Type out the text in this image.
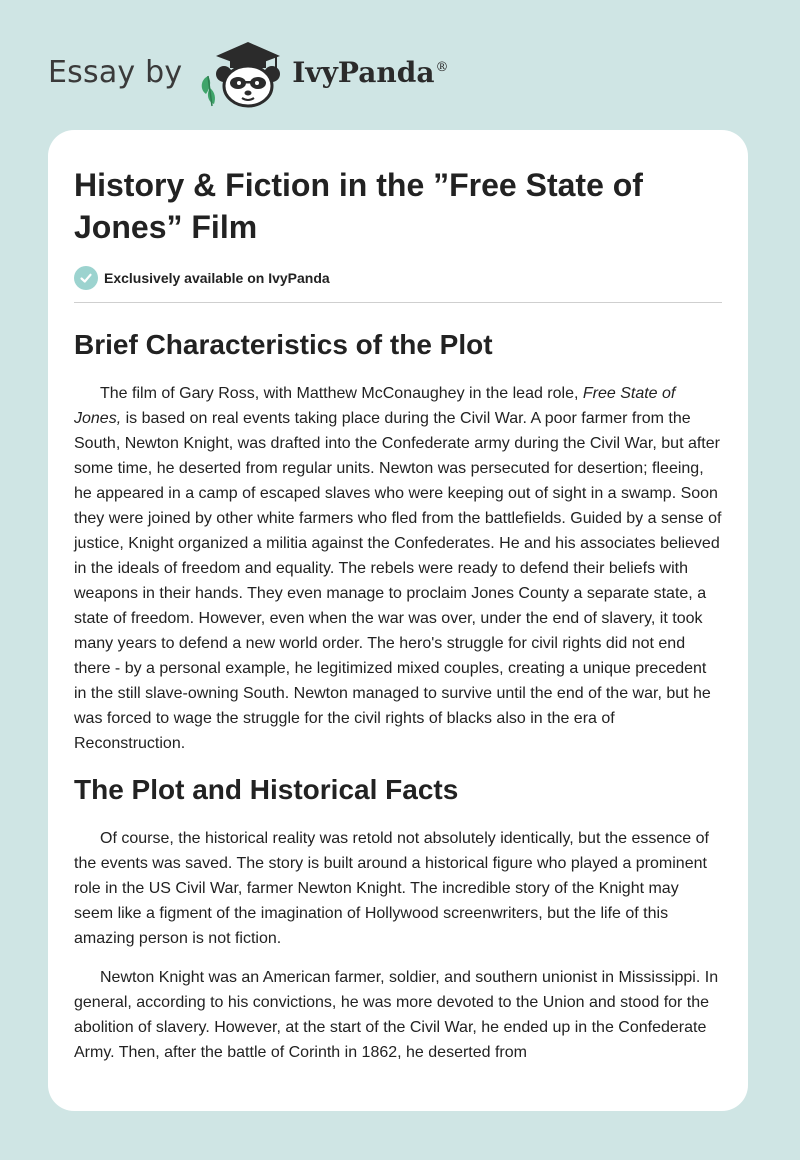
Essay by	IvyPanda®
History & Fiction in the ”Free State of Jones” Film
Exclusively available on IvyPanda
Brief Characteristics of the Plot

The film of Gary Ross, with Matthew McConaughey in the lead role, Free State of Jones, is based on real events taking place during the Civil War. A poor farmer from the South, Newton Knight, was drafted into the Confederate army during the Civil War, but after some time, he deserted from regular units. Newton was persecuted for desertion; fleeing, he appeared in a camp of escaped slaves who were keeping out of sight in a swamp. Soon they were joined by other white farmers who fled from the battlefields. Guided by a sense of justice, Knight organized a militia against the Confederates. He and his associates believed in the ideals of freedom and equality. The rebels were ready to defend their beliefs with weapons in their hands. They even manage to proclaim Jones County a separate state, a state of freedom. However, even when the war was over, under the end of slavery, it took many years to defend a new world order. The hero's struggle for civil rights did not end there - by a personal example, he legitimized mixed couples, creating a unique precedent in the still slave-owning South. Newton managed to survive until the end of the war, but he was forced to wage the struggle for the civil rights of blacks also in the era of Reconstruction.

The Plot and Historical Facts

Of course, the historical reality was retold not absolutely identically, but the essence of the events was saved. The story is built around a historical figure who played a prominent role in the US Civil War, farmer Newton Knight. The incredible story of the Knight may seem like a figment of the imagination of Hollywood screenwriters, but the life of this amazing person is not fiction.

Newton Knight was an American farmer, soldier, and southern unionist in Mississippi. In general, according to his convictions, he was more devoted to the Union and stood for the abolition of slavery. However, at the start of the Civil War, he ended up in the Confederate Army. Then, after the battle of Corinth in 1862, he deserted from
